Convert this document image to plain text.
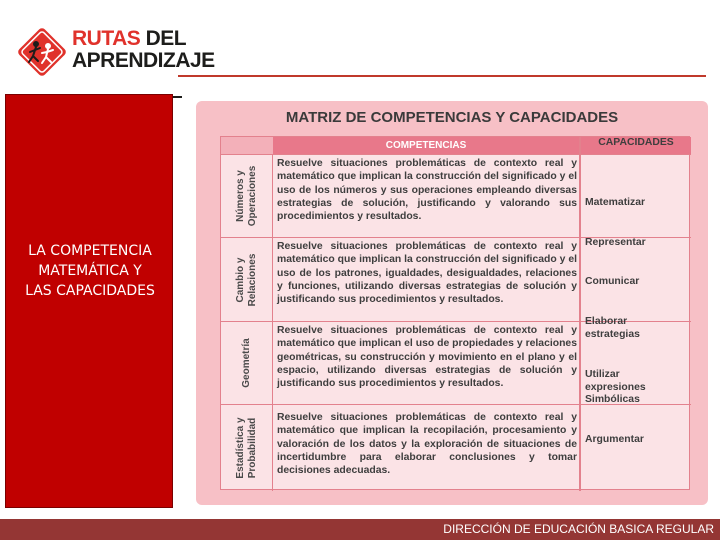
RUTAS DEL
APRENDIZAJE
LA COMPETENCIA
MATEMÁTICA Y
LAS CAPACIDADES
MATRIZ DE COMPETENCIAS Y CAPACIDADES
COMPETENCIAS	CAPACIDADES
Números y Operaciones
Resuelve situaciones problemáticas de contexto real y matemático que implican la construcción del significado y el uso de los números y sus operaciones empleando diversas estrategias de solución, justificando y valorando sus procedimientos y resultados.
Cambio y Relaciones
Resuelve situaciones problemáticas de contexto real y matemático que implican la construcción del significado y el uso de los patrones, igualdades, desigualdades, relaciones y funciones, utilizando diversas estrategias de solución y justificando sus procedimientos y resultados.
Geometría
Resuelve situaciones problemáticas de contexto real y matemático que implican el uso de propiedades y relaciones geométricas, su construcción y movimiento en el plano y el espacio, utilizando diversas estrategias de solución y justificando sus procedimientos y resultados.
Estadística y Probabilidad
Resuelve situaciones problemáticas de contexto real y matemático que implican la recopilación, procesamiento y valoración de los datos y la exploración de situaciones de incertidumbre para elaborar conclusiones y tomar decisiones adecuadas.
Matematizar
Representar
Comunicar
Elaborar
estrategias
Utilizar
expresiones
Simbólicas
Argumentar
DIRECCIÓN DE EDUCACIÓN BASICA REGULAR
